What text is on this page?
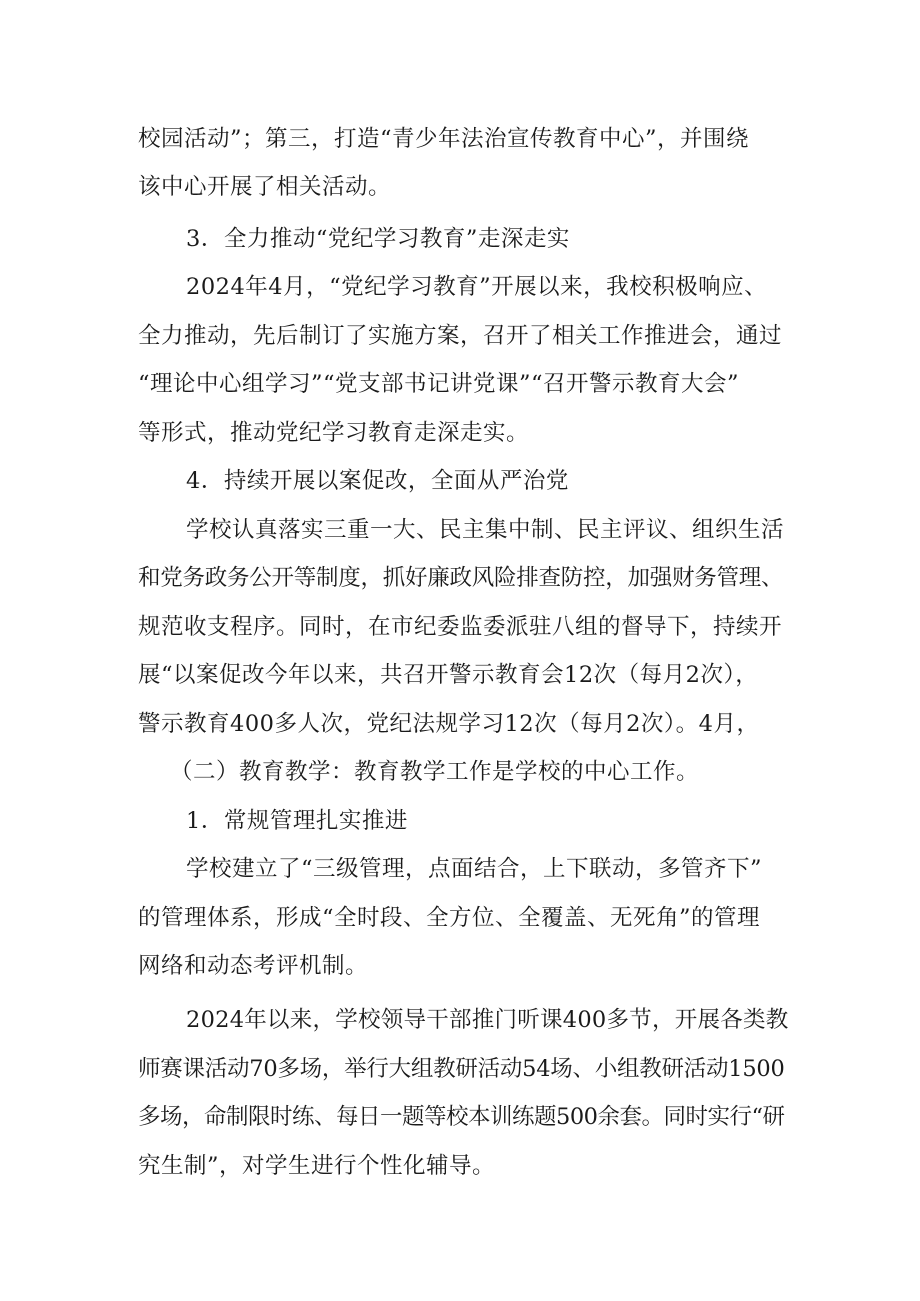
校园活动”；第三，打造“青少年法治宣传教育中心”，并围绕
该中心开展了相关活动。
3．全力推动“党纪学习教育”走深走实
2024年4月，“党纪学习教育”开展以来，我校积极响应、
全力推动，先后制订了实施方案，召开了相关工作推进会，通过
“理论中心组学习”“党支部书记讲党课”“召开警示教育大会”
等形式，推动党纪学习教育走深走实。
4．持续开展以案促改，全面从严治党
学校认真落实三重一大、民主集中制、民主评议、组织生活
和党务政务公开等制度，抓好廉政风险排查防控，加强财务管理、
规范收支程序。同时，在市纪委监委派驻八组的督导下，持续开
展“以案促改今年以来，共召开警示教育会12次（每月2次），
警示教育400多人次，党纪法规学习12次（每月2次）。4月，
（二）教育教学：教育教学工作是学校的中心工作。
1．常规管理扎实推进
学校建立了“三级管理，点面结合，上下联动，多管齐下”
的管理体系，形成“全时段、全方位、全覆盖、无死角”的管理
网络和动态考评机制。
2024年以来，学校领导干部推门听课400多节，开展各类教
师赛课活动70多场，举行大组教研活动54场、小组教研活动1500
多场，命制限时练、每日一题等校本训练题500余套。同时实行“研
究生制”，对学生进行个性化辅导。
